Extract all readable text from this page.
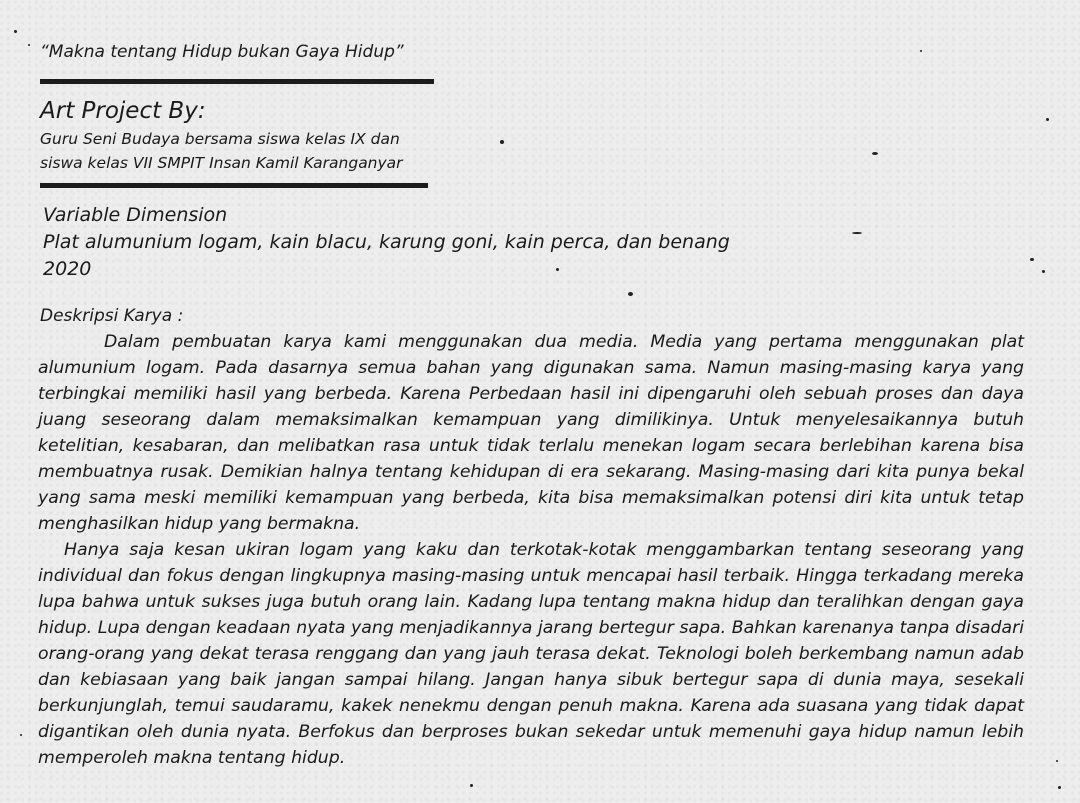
“Makna tentang Hidup bukan Gaya Hidup”
Art Project By:
Guru Seni Budaya bersama siswa kelas IX dan
siswa kelas VII SMPIT Insan Kamil Karanganyar
Variable Dimension
Plat alumunium logam, kain blacu, karung goni, kain perca, dan benang
2020
Deskripsi Karya :

Dalam pembuatan karya kami menggunakan dua media. Media yang pertama menggunakan plat alumunium logam. Pada dasarnya semua bahan yang digunakan sama. Namun masing-masing karya yang terbingkai memiliki hasil yang berbeda. Karena Perbedaan hasil ini dipengaruhi oleh sebuah proses dan daya juang seseorang dalam memaksimalkan kemampuan yang dimilikinya. Untuk menyelesaikannya butuh ketelitian, kesabaran, dan melibatkan rasa untuk tidak terlalu menekan logam secara berlebihan karena bisa membuatnya rusak. Demikian halnya tentang kehidupan di era sekarang. Masing-masing dari kita punya bekal yang sama meski memiliki kemampuan yang berbeda, kita bisa memaksimalkan potensi diri kita untuk tetap menghasilkan hidup yang bermakna.

Hanya saja kesan ukiran logam yang kaku dan terkotak-kotak menggambarkan tentang seseorang yang individual dan fokus dengan lingkupnya masing-masing untuk mencapai hasil terbaik. Hingga terkadang mereka lupa bahwa untuk sukses juga butuh orang lain. Kadang lupa tentang makna hidup dan teralihkan dengan gaya hidup. Lupa dengan keadaan nyata yang menjadikannya jarang bertegur sapa. Bahkan karenanya tanpa disadari orang-orang yang dekat terasa renggang dan yang jauh terasa dekat. Teknologi boleh berkembang namun adab dan kebiasaan yang baik jangan sampai hilang. Jangan hanya sibuk bertegur sapa di dunia maya, sesekali berkunjunglah, temui saudaramu, kakek nenekmu dengan penuh makna. Karena ada suasana yang tidak dapat digantikan oleh dunia nyata. Berfokus dan berproses bukan sekedar untuk memenuhi gaya hidup namun lebih memperoleh makna tentang hidup.
